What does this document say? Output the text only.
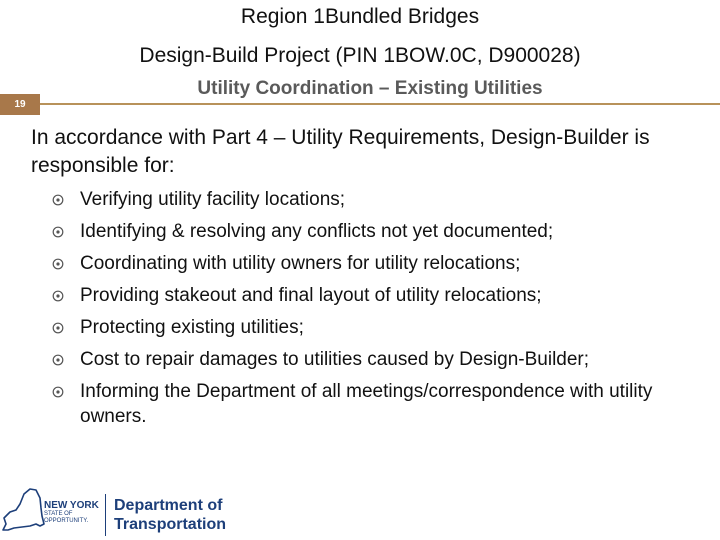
Region 1Bundled Bridges
Design-Build Project (PIN 1BOW.0C, D900028)
Utility Coordination – Existing Utilities
19
In accordance with Part 4 – Utility Requirements, Design-Builder is responsible for:
Verifying utility facility locations;
Identifying & resolving any conflicts not yet documented;
Coordinating with utility owners for utility relocations;
Providing stakeout and final layout of utility relocations;
Protecting existing utilities;
Cost to repair damages to utilities caused by Design-Builder;
Informing the Department of all meetings/correspondence with utility owners.
NEW YORK
STATE OF
OPPORTUNITY.
Department of
Transportation
